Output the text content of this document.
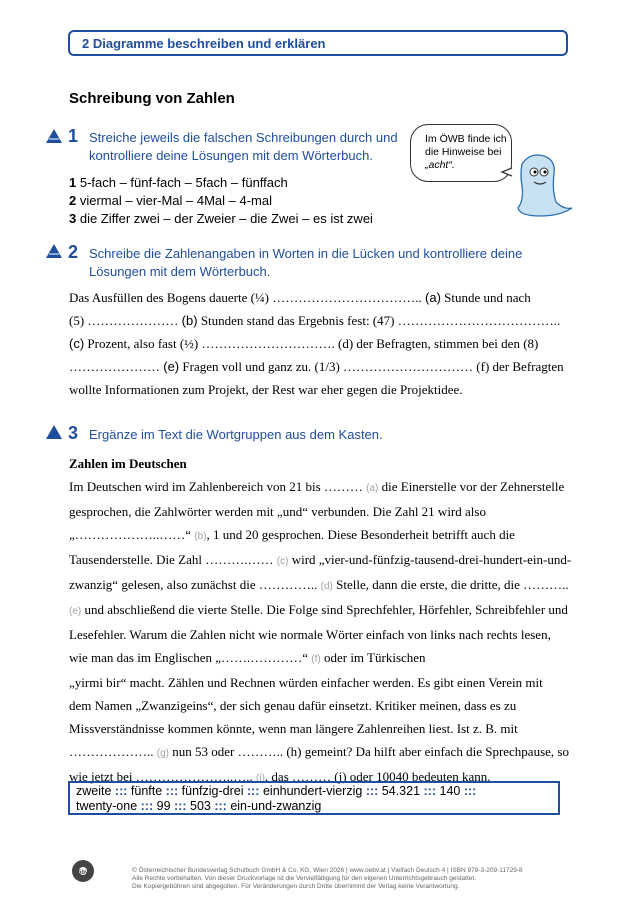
2 Diagramme beschreiben und erklären
Schreibung von Zahlen
1 Streiche jeweils die falschen Schreibungen durch und
kontrolliere deine Lösungen mit dem Wörterbuch.
1 5-fach – fünf-fach – 5fach – fünffach
2 viermal – vier-Mal – 4Mal – 4-mal
3 die Ziffer zwei – der Zweier – die Zwei – es ist zwei
Im ÖWB finde ich
die Hinweise bei
„acht“.
2 Schreibe die Zahlenangaben in Worten in die Lücken und kontrolliere deine
Lösungen mit dem Wörterbuch.
Das Ausfüllen des Bogens dauerte (¼) …………………………….. (a) Stunde und nach
(5) ………………… (b) Stunden stand das Ergebnis fest: (47) ………………………………..
(c) Prozent, also fast (½) …………………………. (d) der Befragten, stimmen bei den (8)
………………… (e) Fragen voll und ganz zu. (1/3) ………………………… (f) der Befragten
wollte Informationen zum Projekt, der Rest war eher gegen die Projektidee.
3 Ergänze im Text die Wortgruppen aus dem Kasten.
Zahlen im Deutschen
Im Deutschen wird im Zahlenbereich von 21 bis ……… (a) die Einerstelle vor der Zehnerstelle
gesprochen, die Zahlwörter werden mit „und“ verbunden. Die Zahl 21 wird also
„………………..……“ (b), 1 und 20 gesprochen. Diese Besonderheit betrifft auch die
Tausenderstelle. Die Zahl ……….…… (c) wird „vier-und-fünfzig-tausend-drei-hundert-ein-und-
zwanzig“ gelesen, also zunächst die ………….. (d) Stelle, dann die erste, die dritte, die ………..
(e) und abschließend die vierte Stelle. Die Folge sind Sprechfehler, Hörfehler, Schreibfehler und
Lesefehler. Warum die Zahlen nicht wie normale Wörter einfach von links nach rechts lesen,
wie man das im Englischen „…….…………“ (f) oder im Türkischen
„yirmi bir“ macht. Zählen und Rechnen würden einfacher werden. Es gibt einen Verein mit
dem Namen „Zwanzigeins“, der sich genau dafür einsetzt. Kritiker meinen, dass es zu
Missverständnisse kommen könnte, wenn man längere Zahlenreihen liest. Ist z. B. mit
……………….. (g) nun 53 oder ……….. (h) gemeint? Da hilft aber einfach die Sprechpause, so
wie jetzt bei …………………..….. (i), das ……… (j) oder 10040 bedeuten kann.
zweite ::: fünfte ::: fünfzig-drei ::: einhundert-vierzig ::: 54.321 ::: 140 :::
twenty-one ::: 99 ::: 503 ::: ein-und-zwanzig
öbv	© Österreichischer Bundesverlag Schulbuch GmbH & Co. KG, Wien 2026 | www.oebv.at | Vielfach Deutsch 4 | ISBN 978-3-209-11729-8
Alle Rechte vorbehalten. Von dieser Druckvorlage ist die Vervielfältigung für den eigenen Unterrichtsgebrauch gestattet.
Die Kopiergebühren sind abgegolten. Für Veränderungen durch Dritte übernimmt der Verlag keine Verantwortung.
